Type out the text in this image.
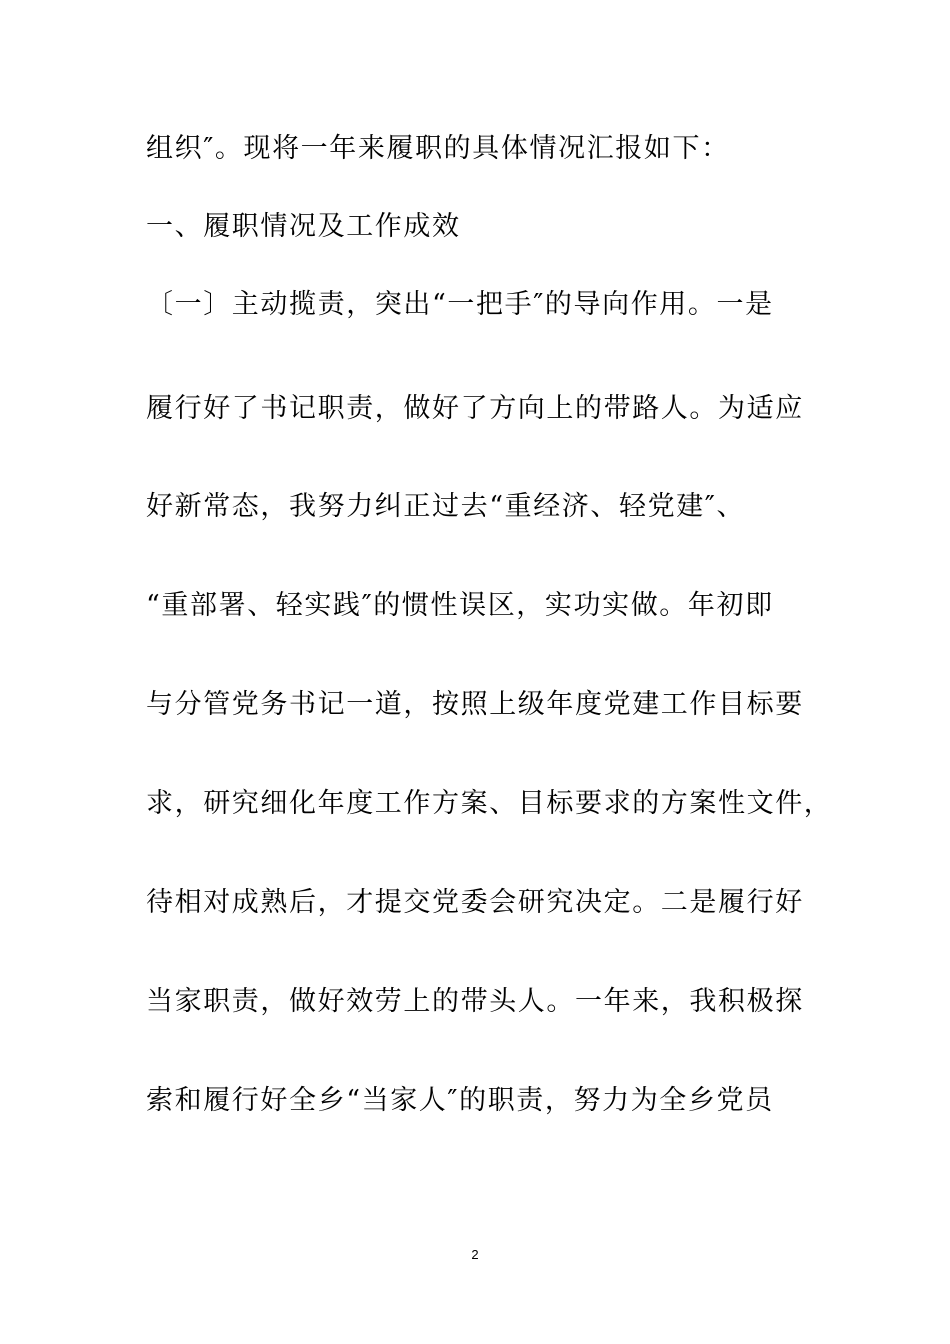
组织″。现将一年来履职的具体情况汇报如下：
一、履职情况及工作成效
〔一〕主动揽责，突出“一把手″的导向作用。一是
履行好了书记职责，做好了方向上的带路人。为适应
好新常态，我努力纠正过去“重经济、轻党建″、
“重部署、轻实践″的惯性误区，实功实做。年初即
与分管党务书记一道，按照上级年度党建工作目标要
求，研究细化年度工作方案、目标要求的方案性文件，
待相对成熟后，才提交党委会研究决定。二是履行好
当家职责，做好效劳上的带头人。一年来，我积极探
索和履行好全乡“当家人″的职责，努力为全乡党员
2
